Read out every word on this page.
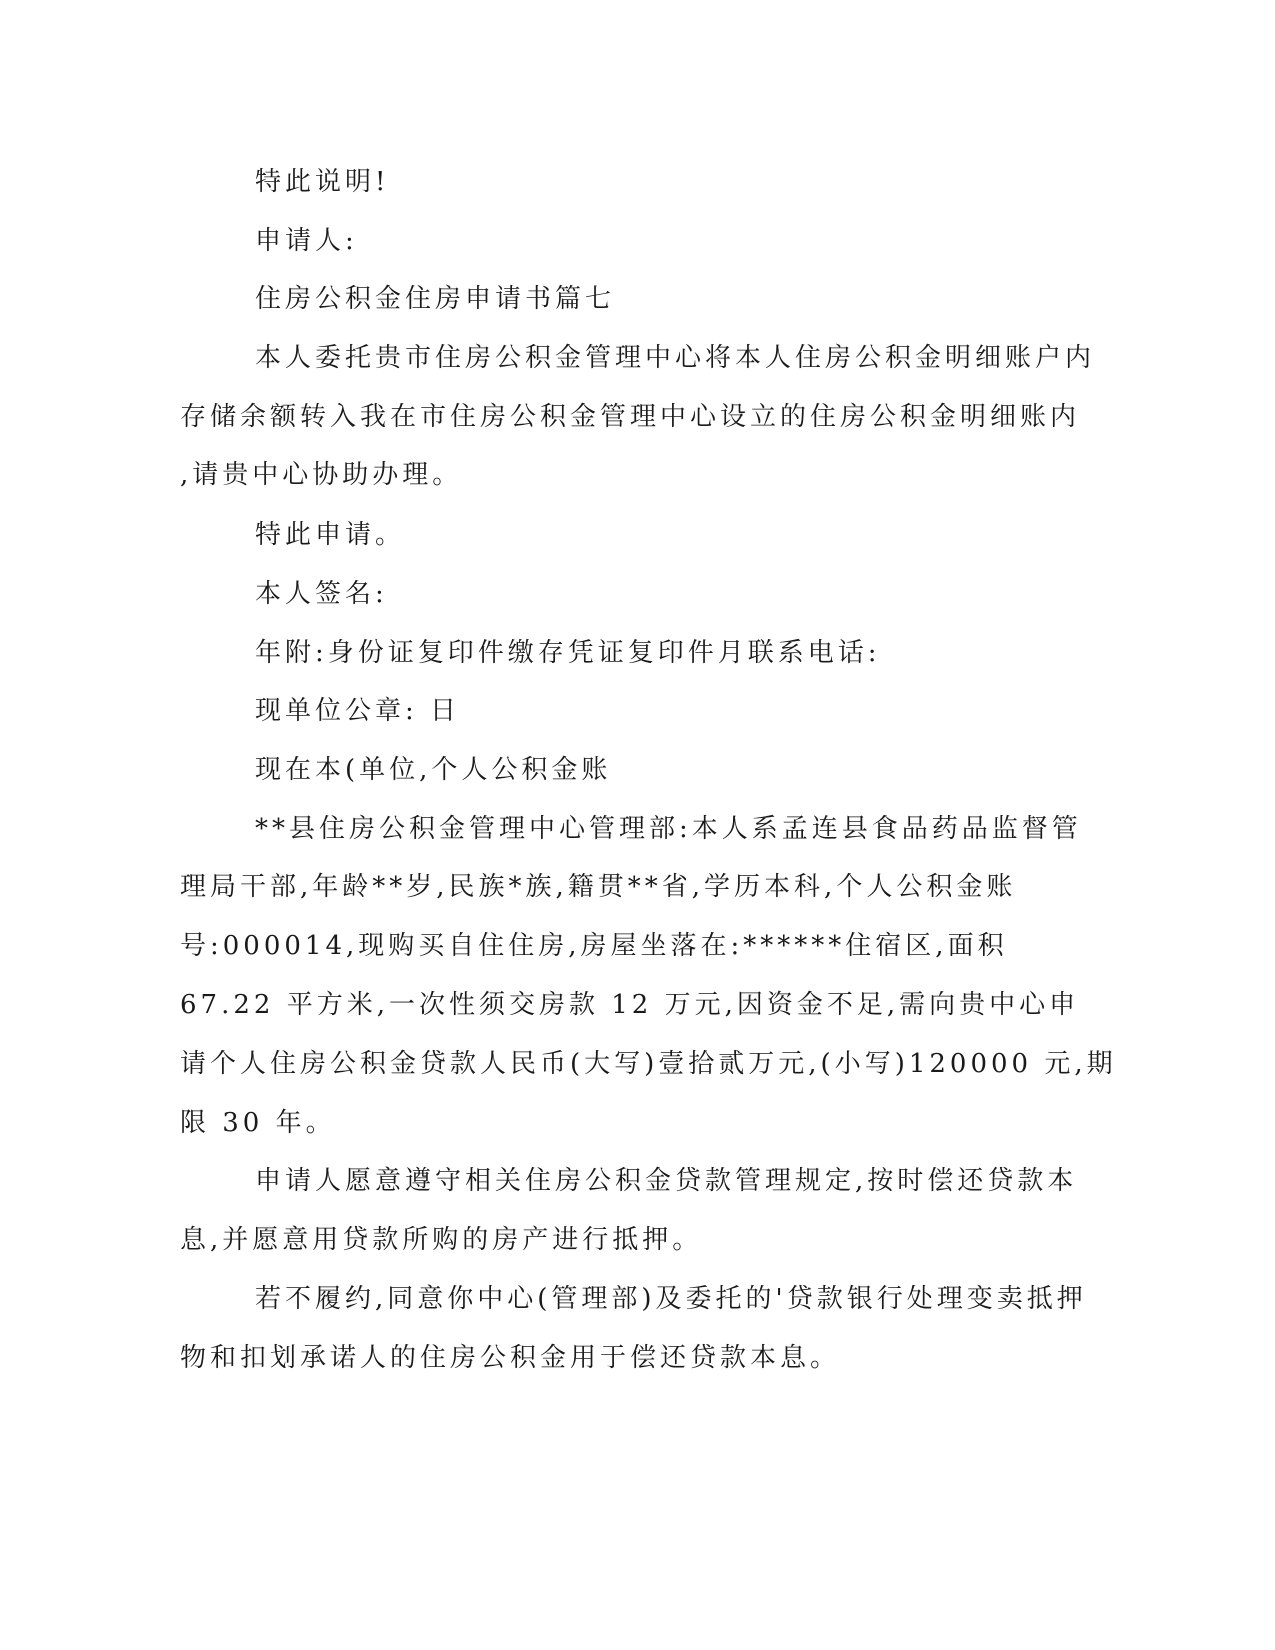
特此说明!
申请人:
住房公积金住房申请书篇七
本人委托贵市住房公积金管理中心将本人住房公积金明细账户内
存储余额转入我在市住房公积金管理中心设立的住房公积金明细账内
,请贵中心协助办理。
特此申请。
本人签名:
年附:身份证复印件缴存凭证复印件月联系电话:
现单位公章: 日
现在本(单位,个人公积金账
**县住房公积金管理中心管理部:本人系孟连县食品药品监督管
理局干部,年龄**岁,民族*族,籍贯**省,学历本科,个人公积金账
号:000014,现购买自住住房,房屋坐落在:******住宿区,面积
67.22 平方米,一次性须交房款 12 万元,因资金不足,需向贵中心申
请个人住房公积金贷款人民币(大写)壹拾贰万元,(小写)120000 元,期
限 30 年。
申请人愿意遵守相关住房公积金贷款管理规定,按时偿还贷款本
息,并愿意用贷款所购的房产进行抵押。
若不履约,同意你中心(管理部)及委托的'贷款银行处理变卖抵押
物和扣划承诺人的住房公积金用于偿还贷款本息。
